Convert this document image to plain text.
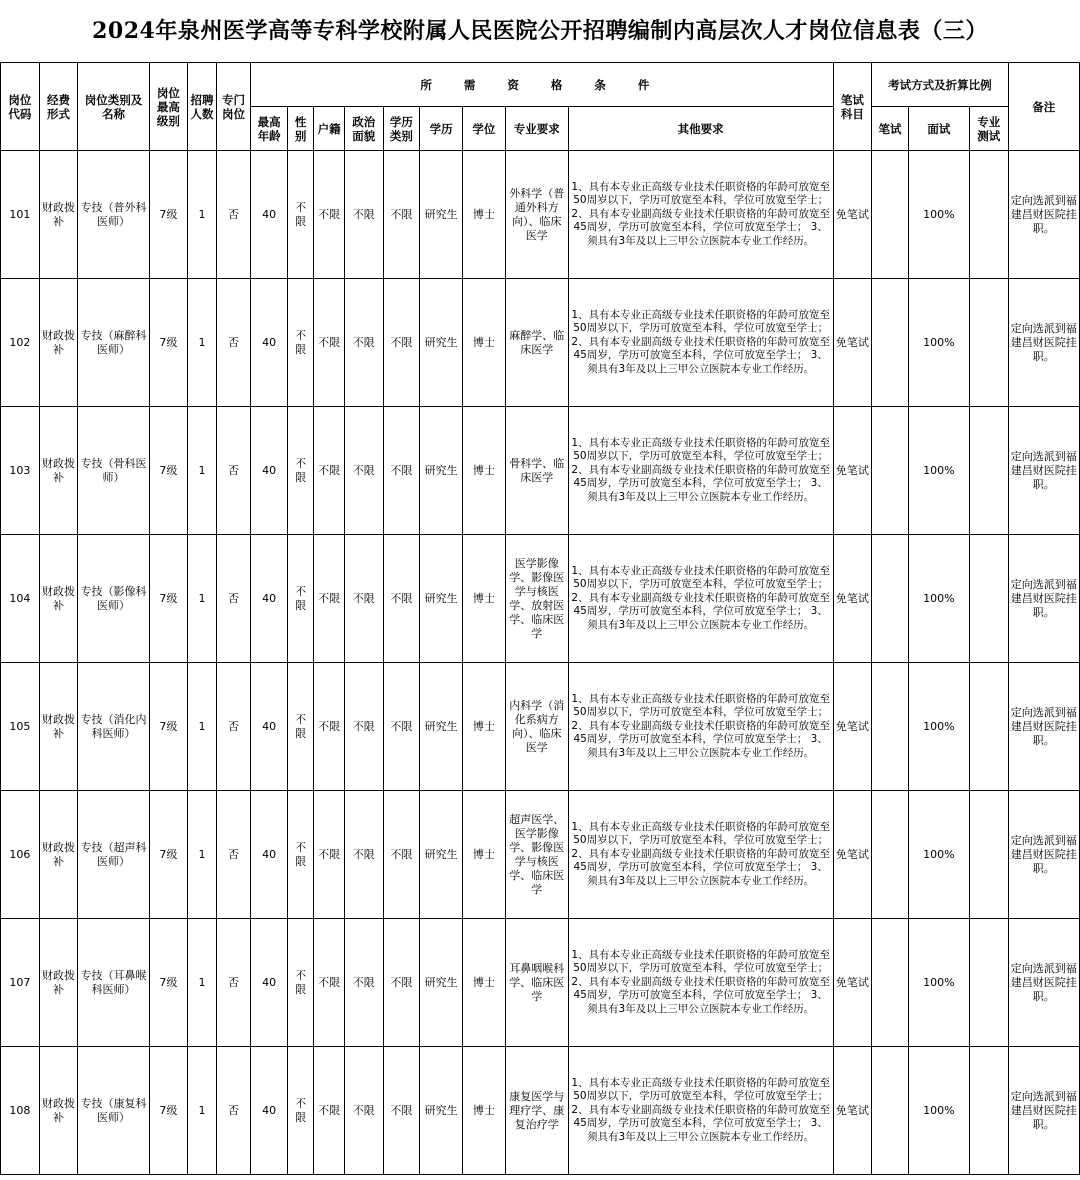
2024年泉州医学高等专科学校附属人民医院公开招聘编制内高层次人才岗位信息表（三）
岗位代码	经费形式	岗位类别及名称	岗位最高级别	招聘人数	专门岗位	所 需 资 格 条 件									笔试科目	考试方式及折算比例			备注
						最高年龄	性别	户籍	政治面貌	学历类别	学历	学位	专业要求	其他要求		笔试	面试	专业测试	
101	财政拨补	专技（普外科医师）	7级	1	否	40	不限	不限	不限	不限	研究生	博士	外科学（普通外科方向）、临床医学	1、具有本专业正高级专业技术任职资格的年龄可放宽至50周岁以下，学历可放宽至本科，学位可放宽至学士； 2、具有本专业副高级专业技术任职资格的年龄可放宽至45周岁，学历可放宽至本科，学位可放宽至学士； 3、须具有3年及以上三甲公立医院本专业工作经历。	免笔试		100%		定向选派到福建昌财医院挂职。
102	财政拨补	专技（麻醉科医师）	7级	1	否	40	不限	不限	不限	不限	研究生	博士	麻醉学、临床医学	1、具有本专业正高级专业技术任职资格的年龄可放宽至50周岁以下，学历可放宽至本科，学位可放宽至学士； 2、具有本专业副高级专业技术任职资格的年龄可放宽至45周岁，学历可放宽至本科，学位可放宽至学士； 3、须具有3年及以上三甲公立医院本专业工作经历。	免笔试		100%		定向选派到福建昌财医院挂职。
103	财政拨补	专技（骨科医师）	7级	1	否	40	不限	不限	不限	不限	研究生	博士	骨科学、临床医学	1、具有本专业正高级专业技术任职资格的年龄可放宽至50周岁以下，学历可放宽至本科，学位可放宽至学士； 2、具有本专业副高级专业技术任职资格的年龄可放宽至45周岁，学历可放宽至本科，学位可放宽至学士； 3、须具有3年及以上三甲公立医院本专业工作经历。	免笔试		100%		定向选派到福建昌财医院挂职。
104	财政拨补	专技（影像科医师）	7级	1	否	40	不限	不限	不限	不限	研究生	博士	医学影像学、影像医学与核医学、放射医学、临床医学	1、具有本专业正高级专业技术任职资格的年龄可放宽至50周岁以下，学历可放宽至本科，学位可放宽至学士； 2、具有本专业副高级专业技术任职资格的年龄可放宽至45周岁，学历可放宽至本科，学位可放宽至学士； 3、须具有3年及以上三甲公立医院本专业工作经历。	免笔试		100%		定向选派到福建昌财医院挂职。
105	财政拨补	专技（消化内科医师）	7级	1	否	40	不限	不限	不限	不限	研究生	博士	内科学（消化系病方向）、临床医学	1、具有本专业正高级专业技术任职资格的年龄可放宽至50周岁以下，学历可放宽至本科，学位可放宽至学士； 2、具有本专业副高级专业技术任职资格的年龄可放宽至45周岁，学历可放宽至本科，学位可放宽至学士； 3、须具有3年及以上三甲公立医院本专业工作经历。	免笔试		100%		定向选派到福建昌财医院挂职。
106	财政拨补	专技（超声科医师）	7级	1	否	40	不限	不限	不限	不限	研究生	博士	超声医学、医学影像学、影像医学与核医学、临床医学	1、具有本专业正高级专业技术任职资格的年龄可放宽至50周岁以下，学历可放宽至本科，学位可放宽至学士； 2、具有本专业副高级专业技术任职资格的年龄可放宽至45周岁，学历可放宽至本科，学位可放宽至学士； 3、须具有3年及以上三甲公立医院本专业工作经历。	免笔试		100%		定向选派到福建昌财医院挂职。
107	财政拨补	专技（耳鼻喉科医师）	7级	1	否	40	不限	不限	不限	不限	研究生	博士	耳鼻咽喉科学、临床医学	1、具有本专业正高级专业技术任职资格的年龄可放宽至50周岁以下，学历可放宽至本科，学位可放宽至学士； 2、具有本专业副高级专业技术任职资格的年龄可放宽至45周岁，学历可放宽至本科，学位可放宽至学士； 3、须具有3年及以上三甲公立医院本专业工作经历。	免笔试		100%		定向选派到福建昌财医院挂职。
108	财政拨补	专技（康复科医师）	7级	1	否	40	不限	不限	不限	不限	研究生	博士	康复医学与理疗学、康复治疗学	1、具有本专业正高级专业技术任职资格的年龄可放宽至50周岁以下，学历可放宽至本科，学位可放宽至学士； 2、具有本专业副高级专业技术任职资格的年龄可放宽至45周岁，学历可放宽至本科，学位可放宽至学士； 3、须具有3年及以上三甲公立医院本专业工作经历。	免笔试		100%		定向选派到福建昌财医院挂职。
